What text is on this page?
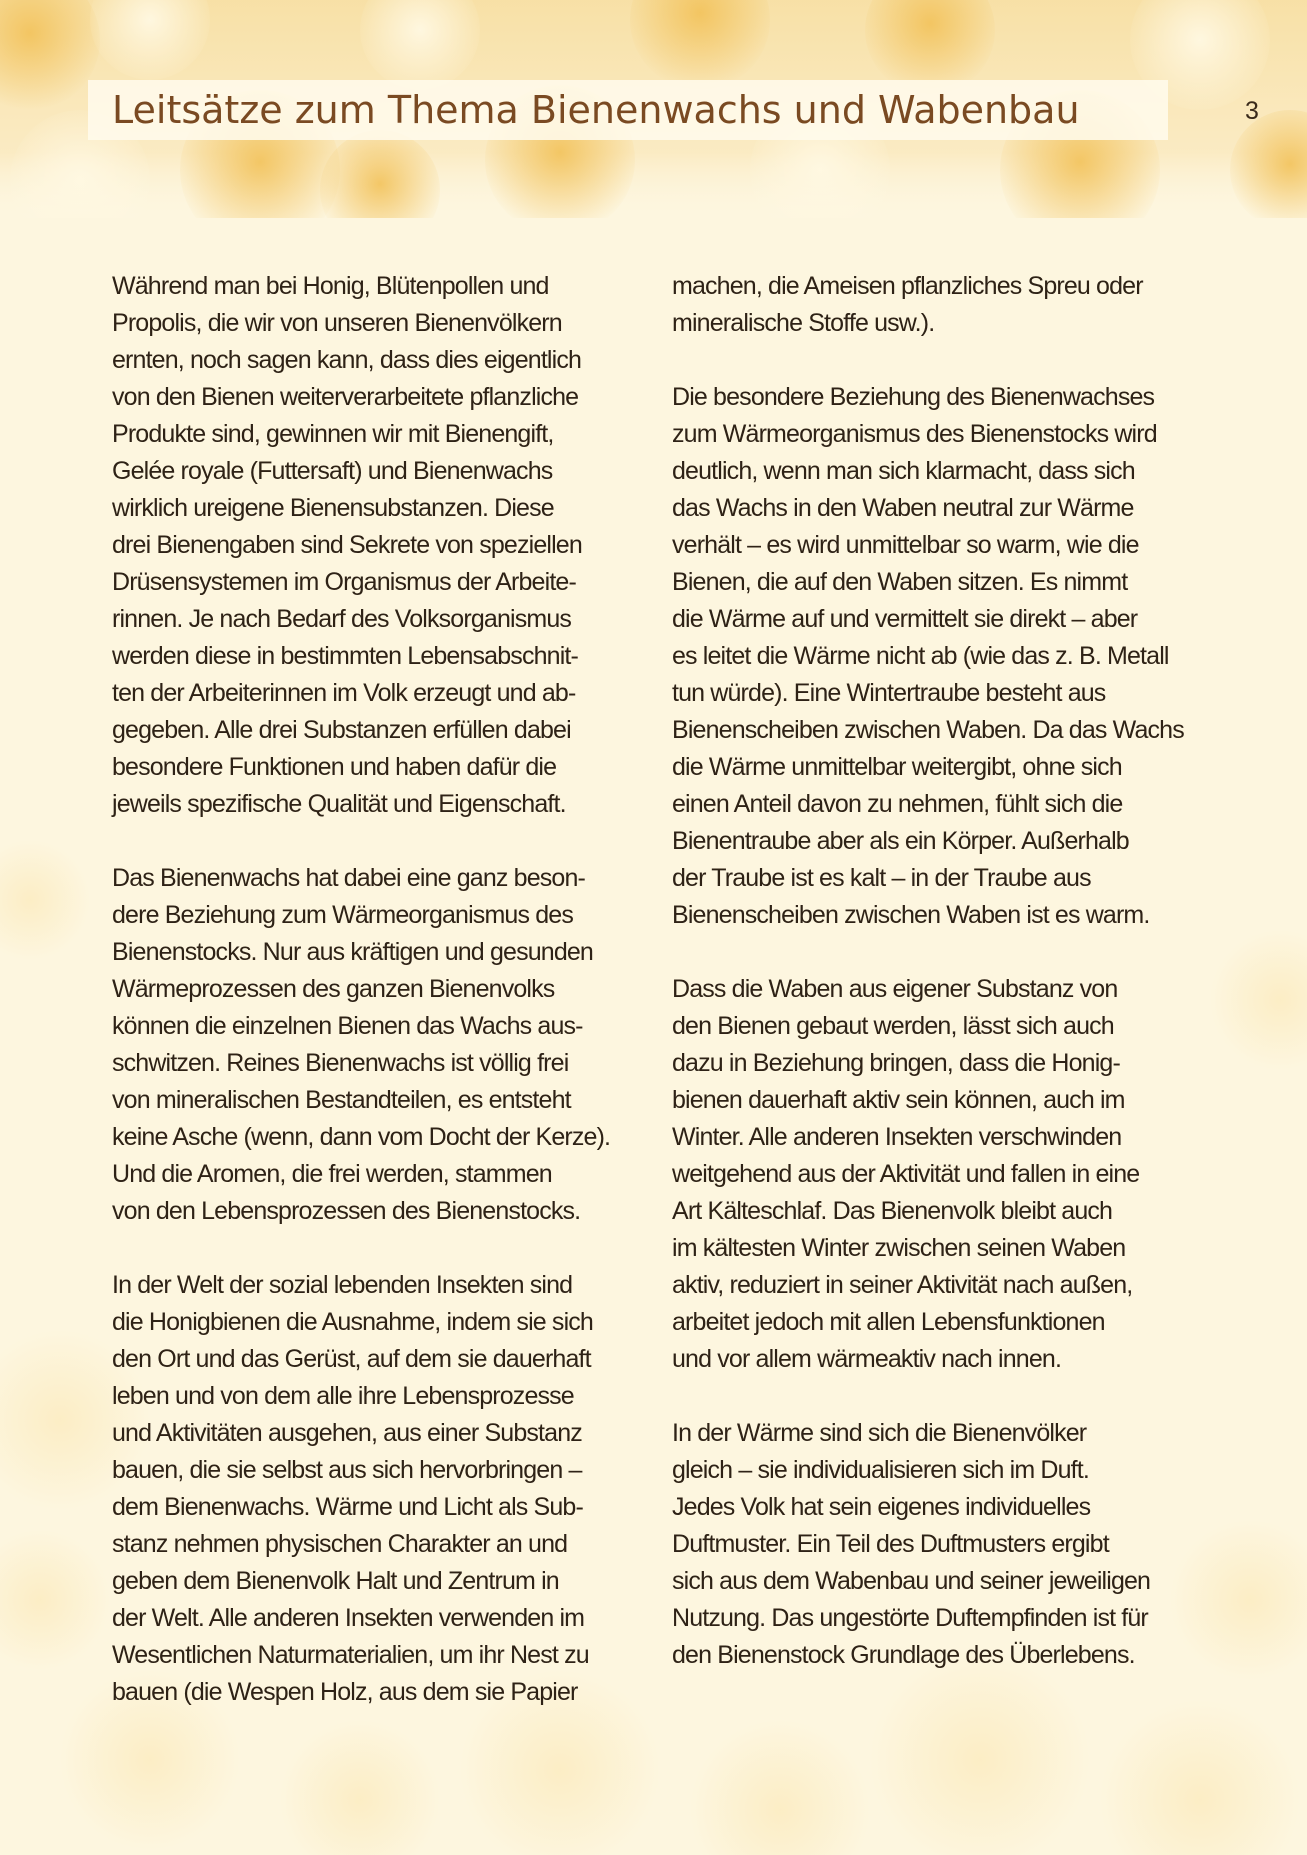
Leitsätze zum Thema Bienenwachs und Wabenbau	3

Während man bei Honig, Blütenpollen und
Propolis, die wir von unseren Bienenvölkern
ernten, noch sagen kann, dass dies eigentlich
von den Bienen weiterverarbeitete pflanzliche
Produkte sind, gewinnen wir mit Bienengift,
Gelée royale (Futtersaft) und Bienenwachs
wirklich ureigene Bienensubstanzen. Diese
drei Bienengaben sind Sekrete von speziellen
Drüsensystemen im Organismus der Arbeite-
rinnen. Je nach Bedarf des Volksorganismus
werden diese in bestimmten Lebensabschnit-
ten der Arbeiterinnen im Volk erzeugt und ab-
gegeben. Alle drei Substanzen erfüllen dabei
besondere Funktionen und haben dafür die
jeweils spezifische Qualität und Eigenschaft.

Das Bienenwachs hat dabei eine ganz beson-
dere Beziehung zum Wärmeorganismus des
Bienenstocks. Nur aus kräftigen und gesunden
Wärmeprozessen des ganzen Bienenvolks
können die einzelnen Bienen das Wachs aus-
schwitzen. Reines Bienenwachs ist völlig frei
von mineralischen Bestandteilen, es entsteht
keine Asche (wenn, dann vom Docht der Kerze).
Und die Aromen, die frei werden, stammen
von den Lebensprozessen des Bienenstocks.

In der Welt der sozial lebenden Insekten sind
die Honigbienen die Ausnahme, indem sie sich
den Ort und das Gerüst, auf dem sie dauerhaft
leben und von dem alle ihre Lebensprozesse
und Aktivitäten ausgehen, aus einer Substanz
bauen, die sie selbst aus sich hervorbringen –
dem Bienenwachs. Wärme und Licht als Sub-
stanz nehmen physischen Charakter an und
geben dem Bienenvolk Halt und Zentrum in
der Welt. Alle anderen Insekten verwenden im
Wesentlichen Naturmaterialien, um ihr Nest zu
bauen (die Wespen Holz, aus dem sie Papier

machen, die Ameisen pflanzliches Spreu oder
mineralische Stoffe usw.).

Die besondere Beziehung des Bienenwachses
zum Wärmeorganismus des Bienenstocks wird
deutlich, wenn man sich klarmacht, dass sich
das Wachs in den Waben neutral zur Wärme
verhält – es wird unmittelbar so warm, wie die
Bienen, die auf den Waben sitzen. Es nimmt
die Wärme auf und vermittelt sie direkt – aber
es leitet die Wärme nicht ab (wie das z. B. Metall
tun würde). Eine Wintertraube besteht aus
Bienenscheiben zwischen Waben. Da das Wachs
die Wärme unmittelbar weitergibt, ohne sich
einen Anteil davon zu nehmen, fühlt sich die
Bienentraube aber als ein Körper. Außerhalb
der Traube ist es kalt – in der Traube aus
Bienenscheiben zwischen Waben ist es warm.

Dass die Waben aus eigener Substanz von
den Bienen gebaut werden, lässt sich auch
dazu in Beziehung bringen, dass die Honig-
bienen dauerhaft aktiv sein können, auch im
Winter. Alle anderen Insekten verschwinden
weitgehend aus der Aktivität und fallen in eine
Art Kälteschlaf. Das Bienenvolk bleibt auch
im kältesten Winter zwischen seinen Waben
aktiv, reduziert in seiner Aktivität nach außen,
arbeitet jedoch mit allen Lebensfunktionen
und vor allem wärmeaktiv nach innen.

In der Wärme sind sich die Bienenvölker
gleich – sie individualisieren sich im Duft.
Jedes Volk hat sein eigenes individuelles
Duftmuster. Ein Teil des Duftmusters ergibt
sich aus dem Wabenbau und seiner jeweiligen
Nutzung. Das ungestörte Duftempfinden ist für
den Bienenstock Grundlage des Überlebens.
